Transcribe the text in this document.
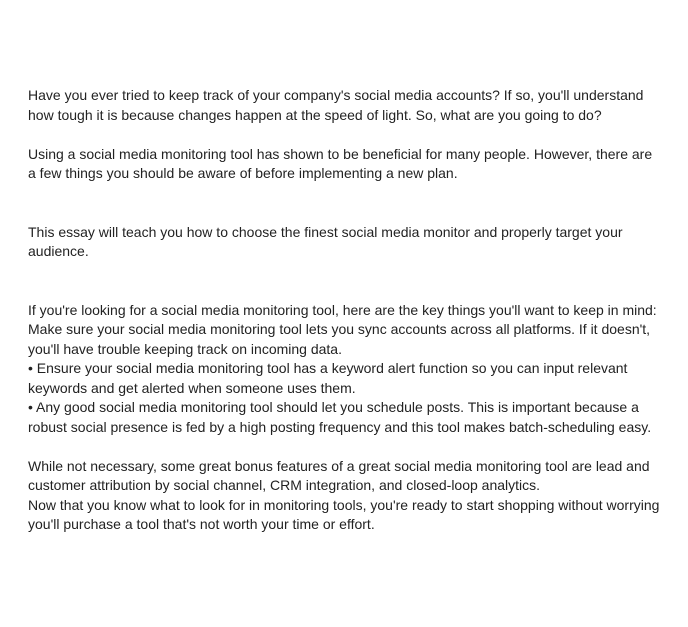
Have you ever tried to keep track of your company's social media accounts? If so, you'll understand how tough it is because changes happen at the speed of light. So, what are you going to do?

Using a social media monitoring tool has shown to be beneficial for many people. However, there are a few things you should be aware of before implementing a new plan.

This essay will teach you how to choose the finest social media monitor and properly target your audience.

If you're looking for a social media monitoring tool, here are the key things you'll want to keep in mind:

Make sure your social media monitoring tool lets you sync accounts across all platforms. If it doesn't, you'll have trouble keeping track on incoming data.

• Ensure your social media monitoring tool has a keyword alert function so you can input relevant keywords and get alerted when someone uses them.

• Any good social media monitoring tool should let you schedule posts. This is important because a robust social presence is fed by a high posting frequency and this tool makes batch-scheduling easy.

While not necessary, some great bonus features of a great social media monitoring tool are lead and customer attribution by social channel, CRM integration, and closed-loop analytics.

Now that you know what to look for in monitoring tools, you're ready to start shopping without worrying you'll purchase a tool that's not worth your time or effort.
